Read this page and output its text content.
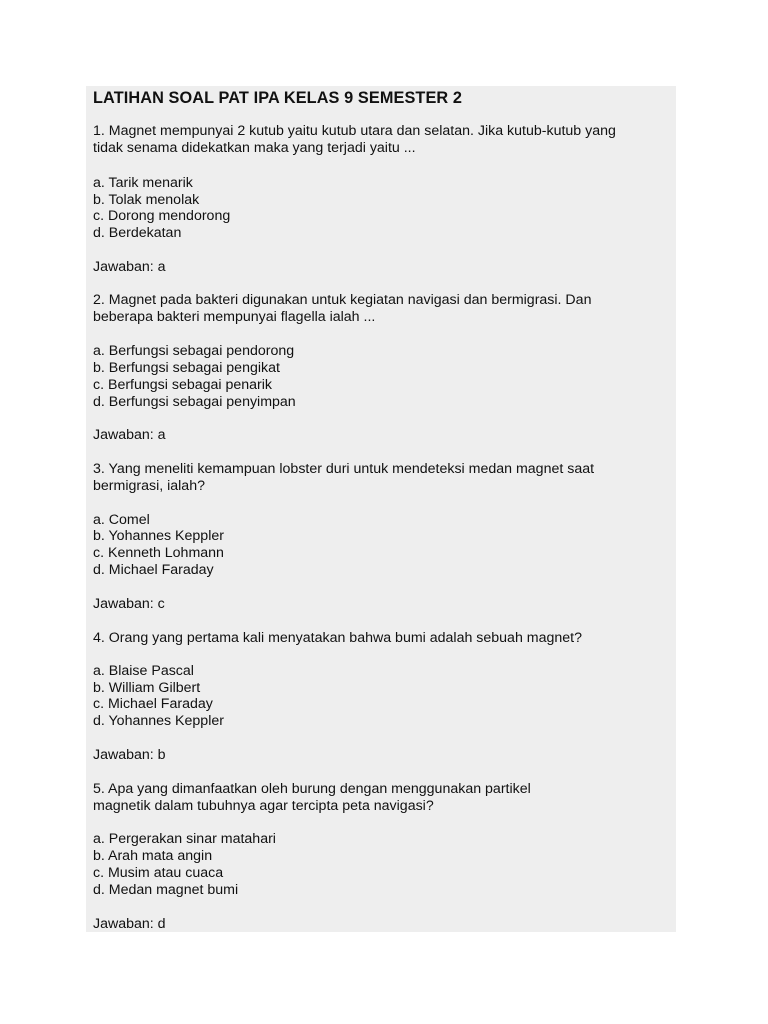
LATIHAN SOAL PAT IPA KELAS 9 SEMESTER 2
1. Magnet mempunyai 2 kutub yaitu kutub utara dan selatan. Jika kutub-kutub yang
tidak senama didekatkan maka yang terjadi yaitu ...
a. Tarik menarik
b. Tolak menolak
c. Dorong mendorong
d. Berdekatan
Jawaban: a
2. Magnet pada bakteri digunakan untuk kegiatan navigasi dan bermigrasi. Dan
beberapa bakteri mempunyai flagella ialah ...
a. Berfungsi sebagai pendorong
b. Berfungsi sebagai pengikat
c. Berfungsi sebagai penarik
d. Berfungsi sebagai penyimpan
Jawaban: a
3. Yang meneliti kemampuan lobster duri untuk mendeteksi medan magnet saat
bermigrasi, ialah?
a. Comel
b. Yohannes Keppler
c. Kenneth Lohmann
d. Michael Faraday
Jawaban: c
4. Orang yang pertama kali menyatakan bahwa bumi adalah sebuah magnet?
a. Blaise Pascal
b. William Gilbert
c. Michael Faraday
d. Yohannes Keppler
Jawaban: b
5. Apa yang dimanfaatkan oleh burung dengan menggunakan partikel
magnetik dalam tubuhnya agar tercipta peta navigasi?
a. Pergerakan sinar matahari
b. Arah mata angin
c. Musim atau cuaca
d. Medan magnet bumi
Jawaban: d
